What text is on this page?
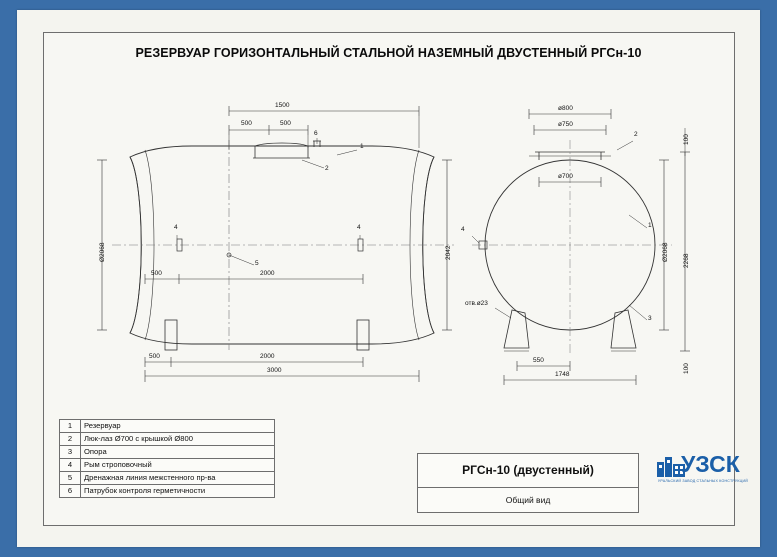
РЕЗЕРВУАР ГОРИЗОНТАЛЬНЫЙ СТАЛЬНОЙ НАЗЕМНЫЙ ДВУСТЕННЫЙ РГСн-10
1500
500	500
Ø2068	2042
500	2000
500	2000
3000
6
1
2
4	4
5
ø800
ø750
ø700
Ø2068 2268
100
100
550
1748
отв.ø23
2
1
3
4
1	Резервуар
2	Люк-лаз Ø700 с крышкой Ø800
3	Опора
4	Рым строповочный
5	Дренажная линия межстенного пр-ва
6	Патрубок контроля герметичности
РГСн-10 (двустенный)
Общий вид
УЗСК
УРАЛЬСКИЙ ЗАВОД СТАЛЬНЫХ КОНСТРУКЦИЙ
